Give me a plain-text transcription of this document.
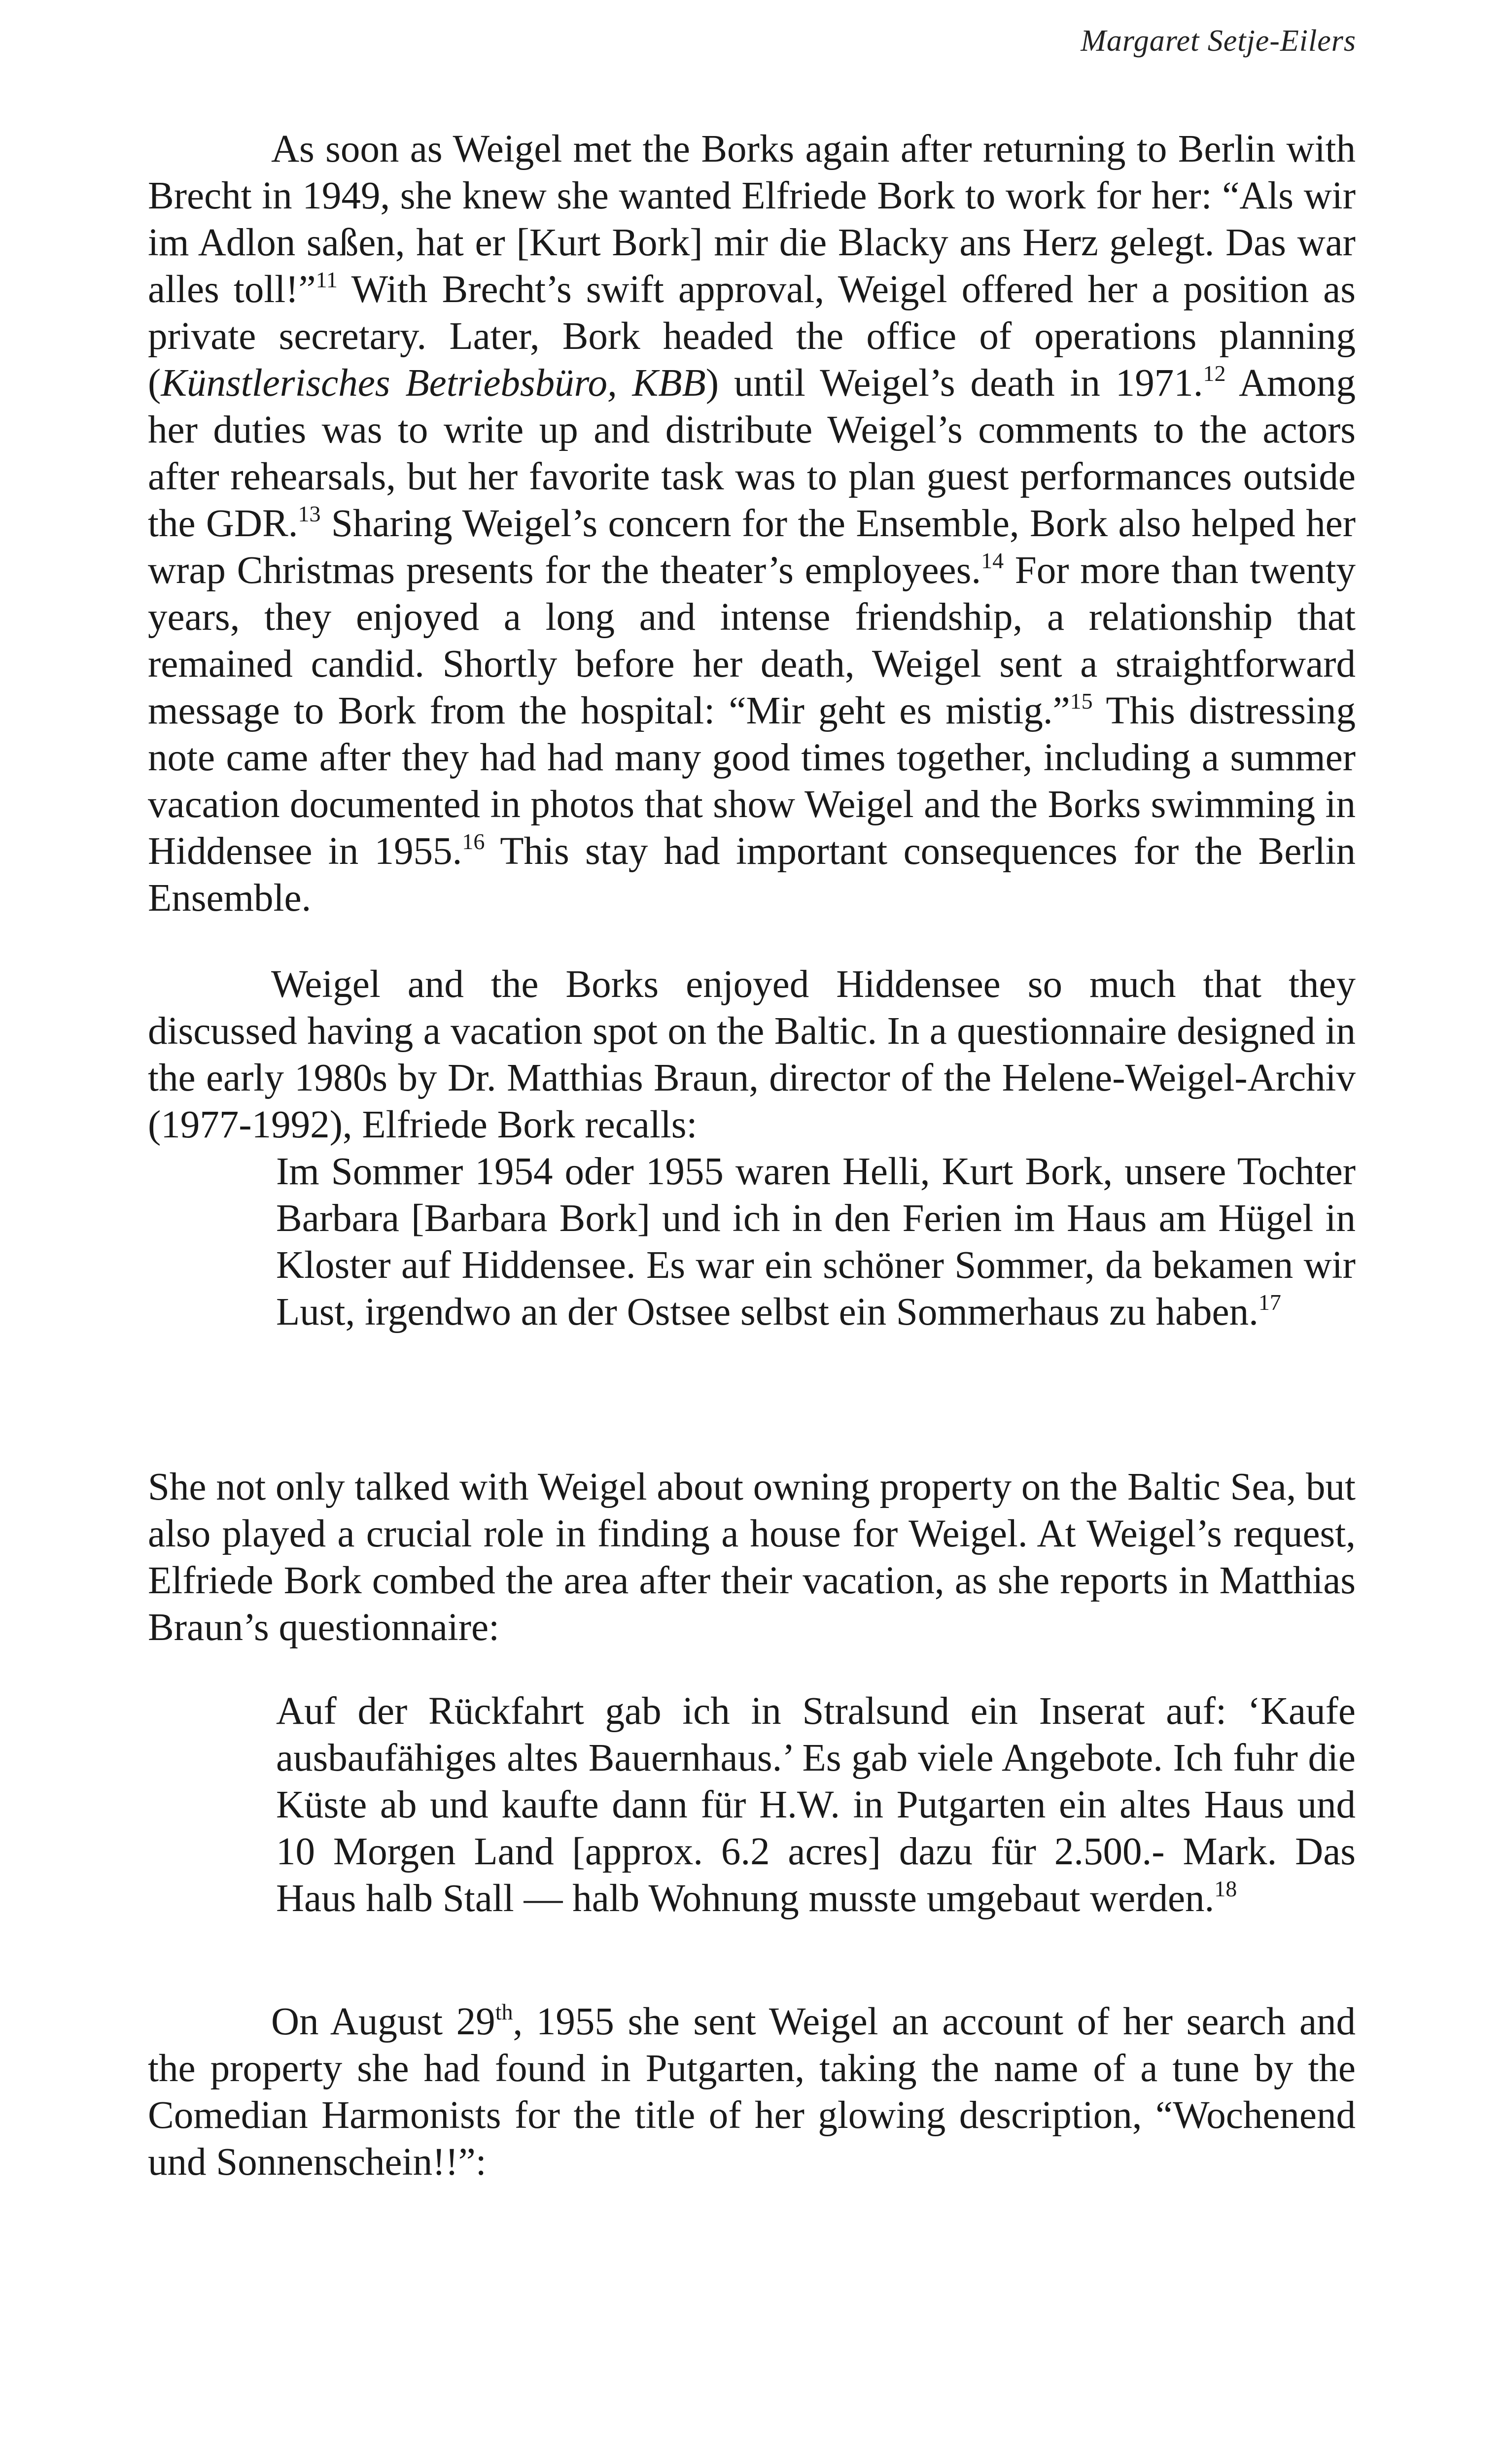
Margaret Setje-Eilers

As soon as Weigel met the Borks again after returning to Berlin with Brecht in 1949, she knew she wanted Elfriede Bork to work for her: “Als wir im Adlon saßen, hat er [Kurt Bork] mir die Blacky ans Herz gelegt. Das war alles toll!”$^{11}$ With Brecht’s swift approval, Weigel offered her a position as private secretary. Later, Bork headed the office of operations planning (Künstlerisches Betriebsbüro, KBB) until Weigel’s death in 1971.12 Among her duties was to write up and distribute Weigel’s comments to the actors after rehearsals, but her favorite task was to plan guest performances outside the GDR.$^{13}$ Sharing Weigel’s concern for the Ensemble, Bork also helped her wrap Christmas presents for the theater’s employees.$^{14}$ For more than twenty years, they enjoyed a long and intense friendship, a relationship that remained candid. Shortly before her death, Weigel sent a straightforward message to Bork from the hospital: “Mir geht es mistig.”$^{15}$ This distressing note came after they had had many good times together, including a summer vacation documented in photos that show Weigel and the Borks swimming in Hiddensee in 1955.16 This stay had important consequences for the Berlin Ensemble.

Weigel and the Borks enjoyed Hiddensee so much that they discussed having a vacation spot on the Baltic. In a questionnaire designed in the early 1980s by Dr. Matthias Braun, director of the Helene-Weigel-Archiv (1977-1992), Elfriede Bork recalls:

Im Sommer 1954 oder 1955 waren Helli, Kurt Bork, unsere Tochter Barbara [Barbara Bork] und ich in den Ferien im Haus am Hügel in Kloster auf Hiddensee. Es war ein schöner Sommer, da bekamen wir Lust, irgendwo an der Ostsee selbst ein Sommerhaus zu haben.$^{17}$

She not only talked with Weigel about owning property on the Baltic Sea, but also played a crucial role in finding a house for Weigel. At Weigel’s request, Elfriede Bork combed the area after their vacation, as she reports in Matthias Braun’s questionnaire:

Auf der Rückfahrt gab ich in Stralsund ein Inserat auf: ‘Kaufe ausbaufähiges altes Bauernhaus.’ Es gab viele Angebote. Ich fuhr die Küste ab und kaufte dann für H.W. in Putgarten ein altes Haus und 10 Morgen Land [approx. 6.2 acres] dazu für 2.500.- Mark. Das Haus halb Stall — halb Wohnung musste umgebaut werden.$^{18}$

On August 29th, 1955 she sent Weigel an account of her search and the property she had found in Putgarten, taking the name of a tune by the Comedian Harmonists for the title of her glowing description, “Wochenend und Sonnenschein!!”:
